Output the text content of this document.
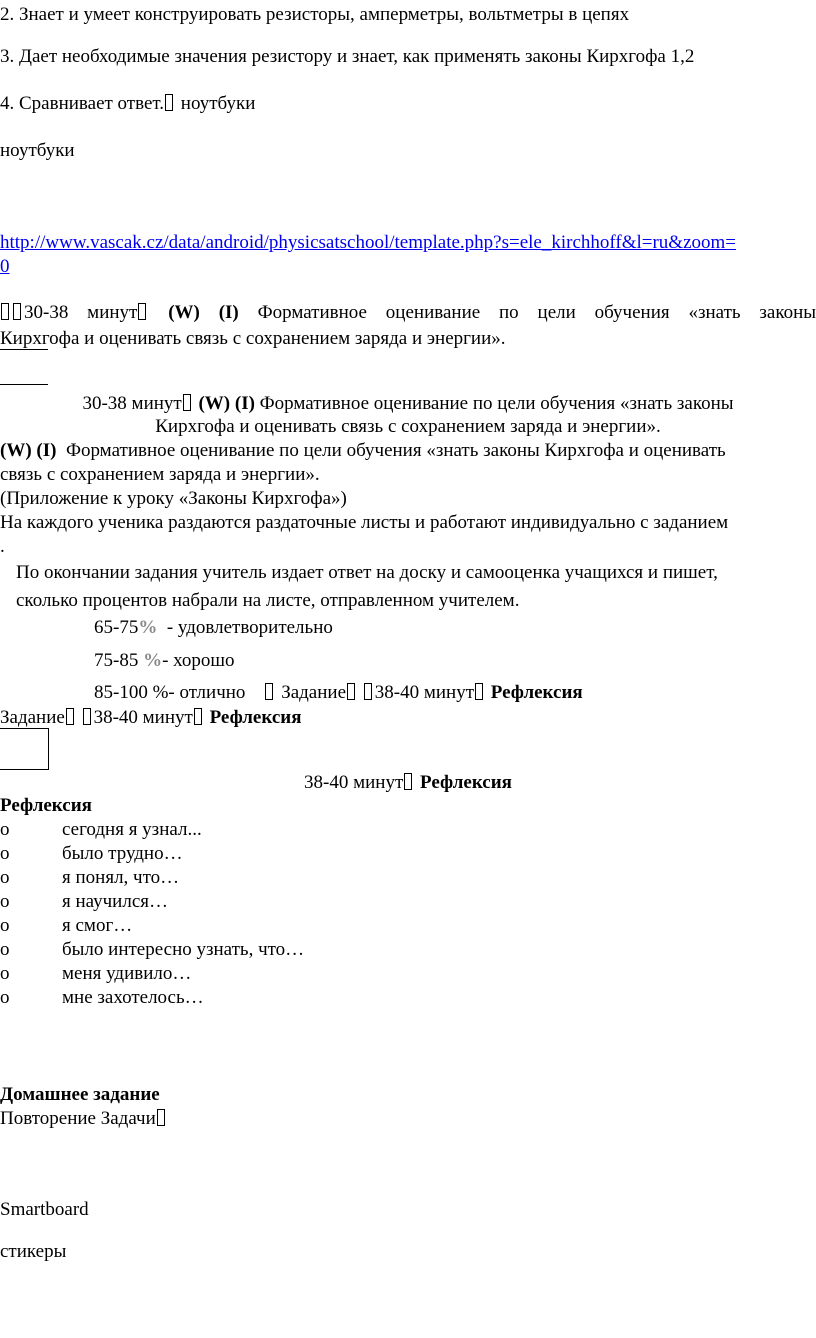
2. Знает и умеет конструировать резисторы, амперметры, вольтметры в цепях
3. Дает необходимые значения резистору и знает, как применять законы Кирхгофа 1,2
4. Сравнивает ответ. ноутбуки
ноутбуки
http://www.vascak.cz/data/android/physicsatschool/template.php?s=ele_kirchhoff&l=ru&zoom=
0
30-38 минут (W) (I) Формативное оценивание по цели обучения «знать законы
Кирхгофа и оценивать связь с сохранением заряда и энергии».
30-38 минут (W) (I) Формативное оценивание по цели обучения «знать законы
Кирхгофа и оценивать связь с сохранением заряда и энергии».
(W) (I) Формативное оценивание по цели обучения «знать законы Кирхгофа и оценивать
связь с сохранением заряда и энергии».
(Приложение к уроку «Законы Кирхгофа»)
На каждого ученика раздаются раздаточные листы и работают индивидуально с заданием
.
По окончании задания учитель издает ответ на доску и самооценка учащихся и пишет,
сколько процентов набрали на листе, отправленном учителем.
65-75% - удовлетворительно
75-85 %- хорошо
85-100 %- отлично Задание 38-40 минут Рефлексия
Задание 38-40 минут Рефлексия
38-40 минут Рефлексия
Рефлексия
o	сегодня я узнал...
o	было трудно…
o	я понял, что…
o	я научился…
o	я смог…
o	было интересно узнать, что…
o	меня удивило…
o	мне захотелось…
Домашнее задание
Повторение Задачи
Smartboard
стикеры
